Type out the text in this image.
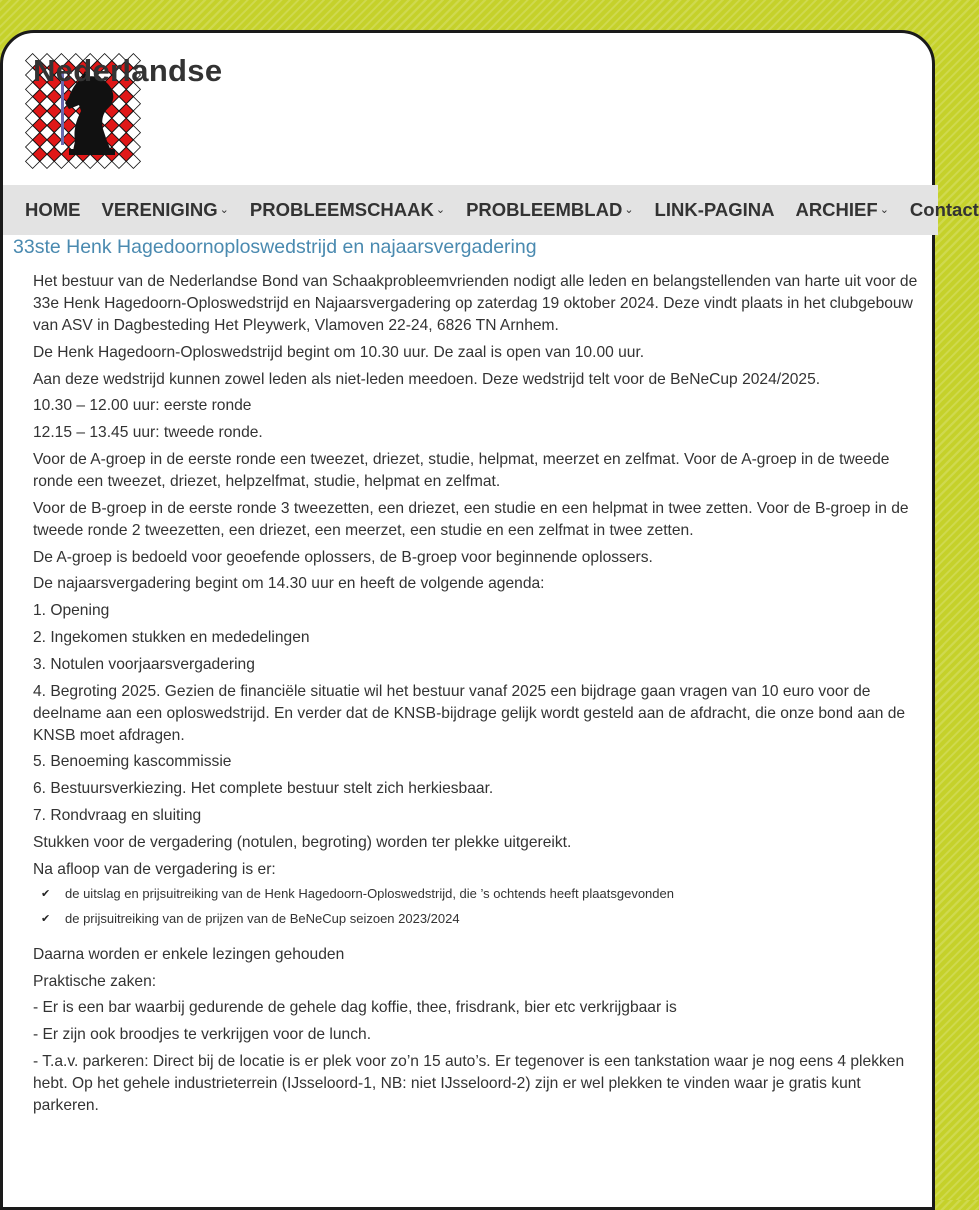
Nederlandse
HOME VERENIGING ⌄ PROBLEEMSCHAAK ⌄ PROBLEEMBLAD ⌄ LINK-PAGINA ARCHIEF ⌄ Contact
33ste Henk Hagedoornoploswedstrijd en najaarsvergadering

Het bestuur van de Nederlandse Bond van Schaakprobleemvrienden nodigt alle leden en belangstellenden van harte uit voor de 33e Henk Hagedoorn-Oploswedstrijd en Najaarsvergadering op zaterdag 19 oktober 2024. Deze vindt plaats in het clubgebouw van ASV in Dagbesteding Het Pleywerk, Vlamoven 22-24, 6826 TN Arnhem.

De Henk Hagedoorn-Oploswedstrijd begint om 10.30 uur. De zaal is open van 10.00 uur.

Aan deze wedstrijd kunnen zowel leden als niet-leden meedoen. Deze wedstrijd telt voor de BeNeCup 2024/2025.

10.30 – 12.00 uur: eerste ronde

12.15 – 13.45 uur: tweede ronde.

Voor de A-groep in de eerste ronde een tweezet, driezet, studie, helpmat, meerzet en zelfmat. Voor de A-groep in de tweede ronde een tweezet, driezet, helpzelfmat, studie, helpmat en zelfmat.

Voor de B-groep in de eerste ronde 3 tweezetten, een driezet, een studie en een helpmat in twee zetten. Voor de B-groep in de tweede ronde 2 tweezetten, een driezet, een meerzet, een studie en een zelfmat in twee zetten.

De A-groep is bedoeld voor geoefende oplossers, de B-groep voor beginnende oplossers.

De najaarsvergadering begint om 14.30 uur en heeft de volgende agenda:

1. Opening

2. Ingekomen stukken en mededelingen

3. Notulen voorjaarsvergadering

4. Begroting 2025. Gezien de financiële situatie wil het bestuur vanaf 2025 een bijdrage gaan vragen van 10 euro voor de deelname aan een oploswedstrijd. En verder dat de KNSB-bijdrage gelijk wordt gesteld aan de afdracht, die onze bond aan de KNSB moet afdragen.

5. Benoeming kascommissie

6. Bestuursverkiezing. Het complete bestuur stelt zich herkiesbaar.

7. Rondvraag en sluiting

Stukken voor de vergadering (notulen, begroting) worden ter plekke uitgereikt.

Na afloop van de vergadering is er:

✔	de uitslag en prijsuitreiking van de Henk Hagedoorn-Oploswedstrijd, die ’s ochtends heeft plaatsgevonden
✔	de prijsuitreiking van de prijzen van de BeNeCup seizoen 2023/2024

Daarna worden er enkele lezingen gehouden

Praktische zaken:

- Er is een bar waarbij gedurende de gehele dag koffie, thee, frisdrank, bier etc verkrijgbaar is

- Er zijn ook broodjes te verkrijgen voor de lunch.

- T.a.v. parkeren: Direct bij de locatie is er plek voor zo’n 15 auto’s. Er tegenover is een tankstation waar je nog eens 4 plekken hebt. Op het gehele industrieterrein (IJsseloord-1, NB: niet IJsseloord-2) zijn er wel plekken te vinden waar je gratis kunt parkeren.
